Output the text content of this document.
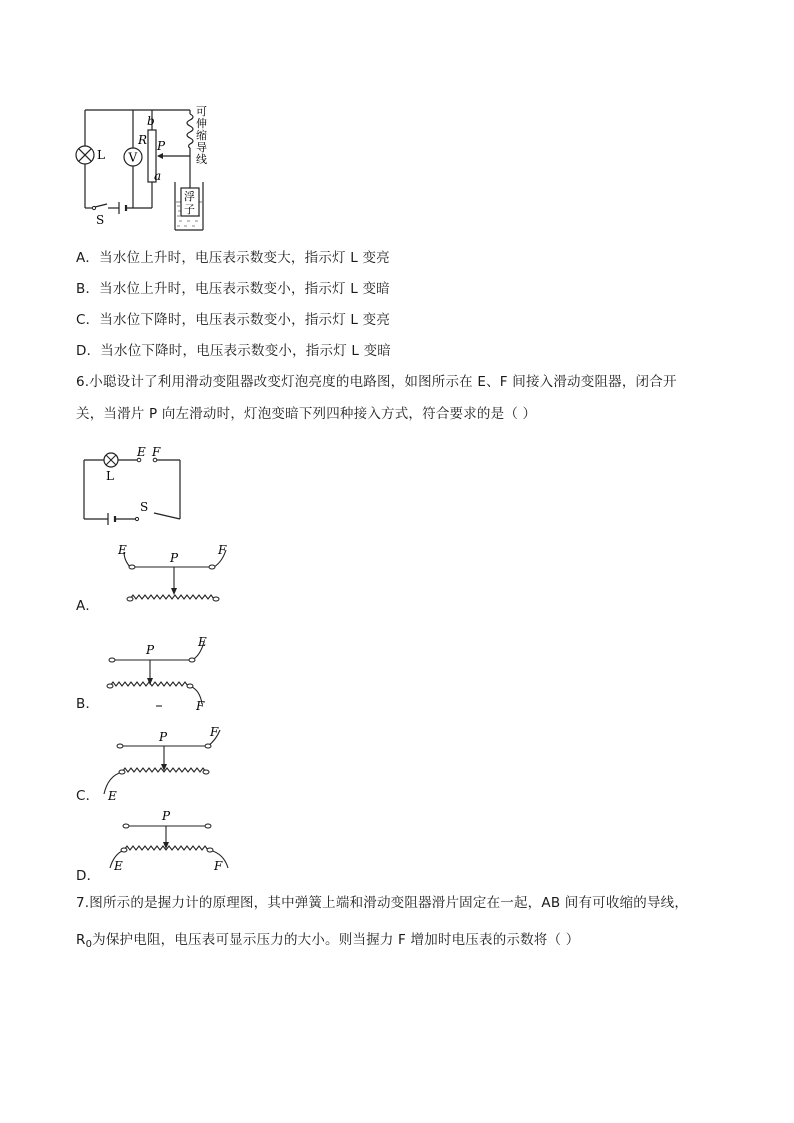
L V
R
b
P
a
S
可
伸
缩
导
线
浮
子
A．当水位上升时，电压表示数变大，指示灯 L 变亮
B．当水位上升时，电压表示数变小，指示灯 L 变暗
C．当水位下降时，电压表示数变小，指示灯 L 变亮
D．当水位下降时，电压表示数变小，指示灯 L 变暗
6.小聪设计了利用滑动变阻器改变灯泡亮度的电路图，如图所示在 E、F 间接入滑动变阻器，闭合开
关，当滑片 P 向左滑动时，灯泡变暗下列四种接入方式，符合要求的是（ ）
L
E F
S
A．
E	F
P
B．
E
F
P
C． E
F
P
D．
E	F
P
7.图所示的是握力计的原理图，其中弹簧上端和滑动变阻器滑片固定在一起，AB 间有可收缩的导线，
$R_0$为保护电阻，电压表可显示压力的大小。则当握力 F 增加时电压表的示数将（ ）
